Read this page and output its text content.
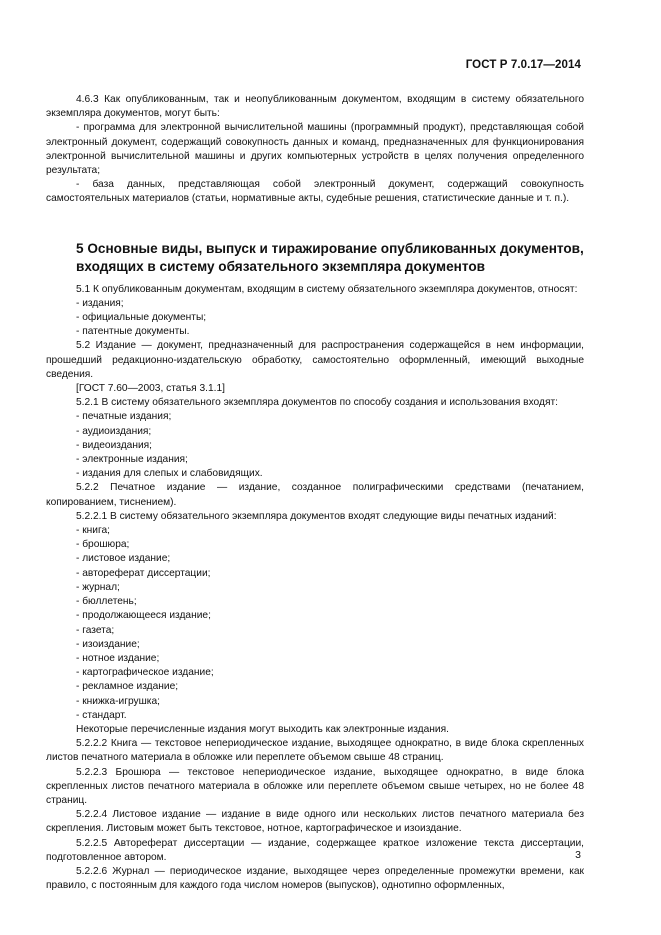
ГОСТ Р 7.0.17—2014

4.6.3 Как опубликованным, так и неопубликованным документом, входящим в систему обязательного экземпляра документов, могут быть:

- программа для электронной вычислительной машины (программный продукт), представляющая собой электронный документ, содержащий совокупность данных и команд, предназначенных для функционирования электронной вычислительной машины и других компьютерных устройств в целях получения определенного результата;

- база данных, представляющая собой электронный документ, содержащий совокупность самостоятельных материалов (статьи, нормативные акты, судебные решения, статистические данные и т. п.).

5 Основные виды, выпуск и тиражирование опубликованных документов, входящих в систему обязательного экземпляра документов

5.1 К опубликованным документам, входящим в систему обязательного экземпляра документов, относят:

- издания;

- официальные документы;

- патентные документы.

5.2 Издание — документ, предназначенный для распространения содержащейся в нем информации, прошедший редакционно-издательскую обработку, самостоятельно оформленный, имеющий выходные сведения.

[ГОСТ 7.60—2003, статья 3.1.1]

5.2.1 В систему обязательного экземпляра документов по способу создания и использования входят:

- печатные издания;

- аудиоиздания;

- видеоиздания;

- электронные издания;

- издания для слепых и слабовидящих.

5.2.2 Печатное издание — издание, созданное полиграфическими средствами (печатанием, копированием, тиснением).

5.2.2.1 В систему обязательного экземпляра документов входят следующие виды печатных изданий:

- книга;

- брошюра;

- листовое издание;

- автореферат диссертации;

- журнал;

- бюллетень;

- продолжающееся издание;

- газета;

- изоиздание;

- нотное издание;

- картографическое издание;

- рекламное издание;

- книжка-игрушка;

- стандарт.

Некоторые перечисленные издания могут выходить как электронные издания.

5.2.2.2 Книга — текстовое непериодическое издание, выходящее однократно, в виде блока скрепленных листов печатного материала в обложке или переплете объемом свыше 48 страниц.

5.2.2.3 Брошюра — текстовое непериодическое издание, выходящее однократно, в виде блока скрепленных листов печатного материала в обложке или переплете объемом свыше четырех, но не более 48 страниц.

5.2.2.4 Листовое издание — издание в виде одного или нескольких листов печатного материала без скрепления. Листовым может быть текстовое, нотное, картографическое и изоиздание.

5.2.2.5 Автореферат диссертации — издание, содержащее краткое изложение текста диссертации, подготовленное автором.

5.2.2.6 Журнал — периодическое издание, выходящее через определенные промежутки времени, как правило, с постоянным для каждого года числом номеров (выпусков), однотипно оформленных,

3
